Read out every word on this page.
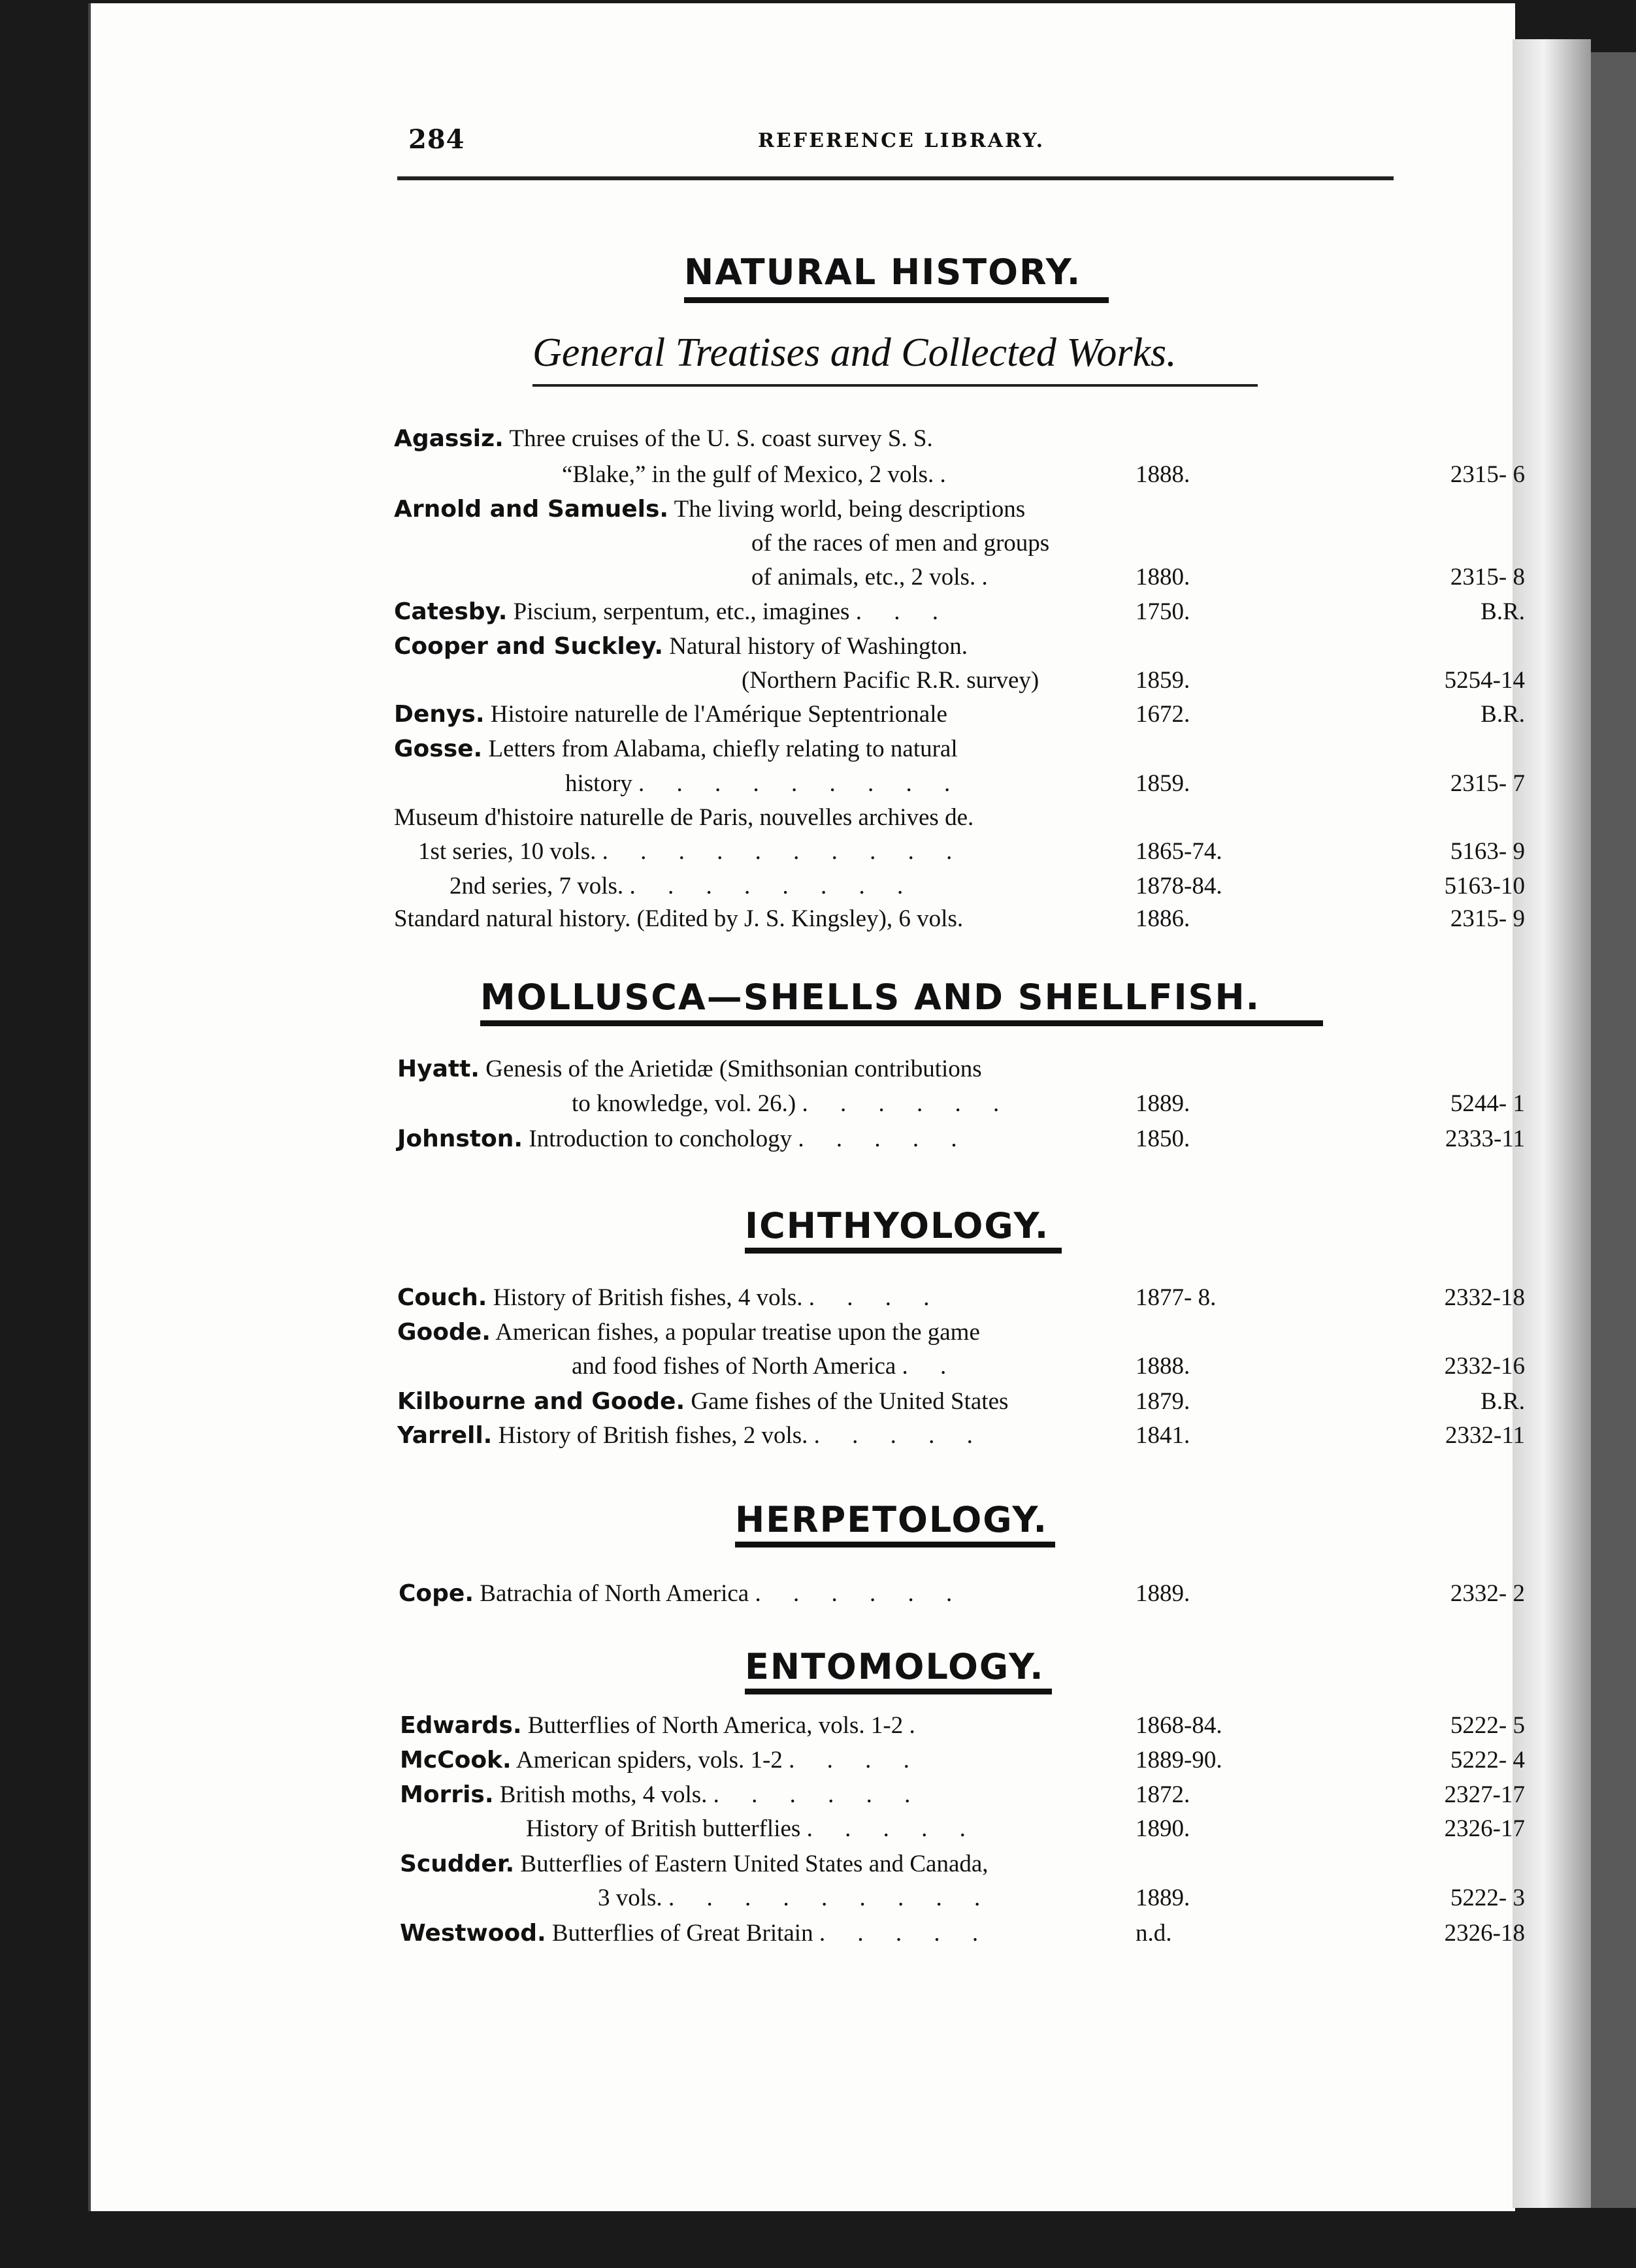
284	REFERENCE LIBRARY.
NATURAL HISTORY.
General Treatises and Collected Works.
Agassiz. Three cruises of the U. S. coast survey S. S.
“Blake,” in the gulf of Mexico, 2 vols. .	1888.	2315- 6
Arnold and Samuels. The living world, being descriptions
of the races of men and groups
of animals, etc., 2 vols. .	1880.	2315- 8
Catesby. Piscium, serpentum, etc., imagines . . .	1750.	B.R.
Cooper and Suckley. Natural history of Washington.
(Northern Pacific R.R. survey)	1859.	5254-14
Denys. Histoire naturelle de l'Amérique Septentrionale	1672.	B.R.
Gosse. Letters from Alabama, chiefly relating to natural
history . . . . . . . . .	1859.	2315- 7
Museum d'histoire naturelle de Paris, nouvelles archives de.
1st series, 10 vols. . . . . . . . . . .	1865-74.	5163- 9
2nd series, 7 vols. . . . . . . . .	1878-84.	5163-10
Standard natural history. (Edited by J. S. Kingsley), 6 vols.	1886.	2315- 9
MOLLUSCA—SHELLS AND SHELLFISH.
Hyatt. Genesis of the Arietidæ (Smithsonian contributions
to knowledge, vol. 26.) . . . . . .	1889.	5244- 1
Johnston. Introduction to conchology . . . . .	1850.	2333-11
ICHTHYOLOGY.
Couch. History of British fishes, 4 vols. . . . .	1877- 8.	2332-18
Goode. American fishes, a popular treatise upon the game
and food fishes of North America . .	1888.	2332-16
Kilbourne and Goode. Game fishes of the United States	1879.	B.R.
Yarrell. History of British fishes, 2 vols. . . . . .	1841.	2332-11
HERPETOLOGY.
Cope. Batrachia of North America . . . . . .	1889.	2332- 2
ENTOMOLOGY.
Edwards. Butterflies of North America, vols. 1-2 .	1868-84.	5222- 5
McCook. American spiders, vols. 1-2 . . . .	1889-90.	5222- 4
Morris. British moths, 4 vols. . . . . . .	1872.	2327-17
History of British butterflies . . . . .	1890.	2326-17
Scudder. Butterflies of Eastern United States and Canada,
3 vols. . . . . . . . . .	1889.	5222- 3
Westwood. Butterflies of Great Britain . . . . .	n.d.	2326-18
